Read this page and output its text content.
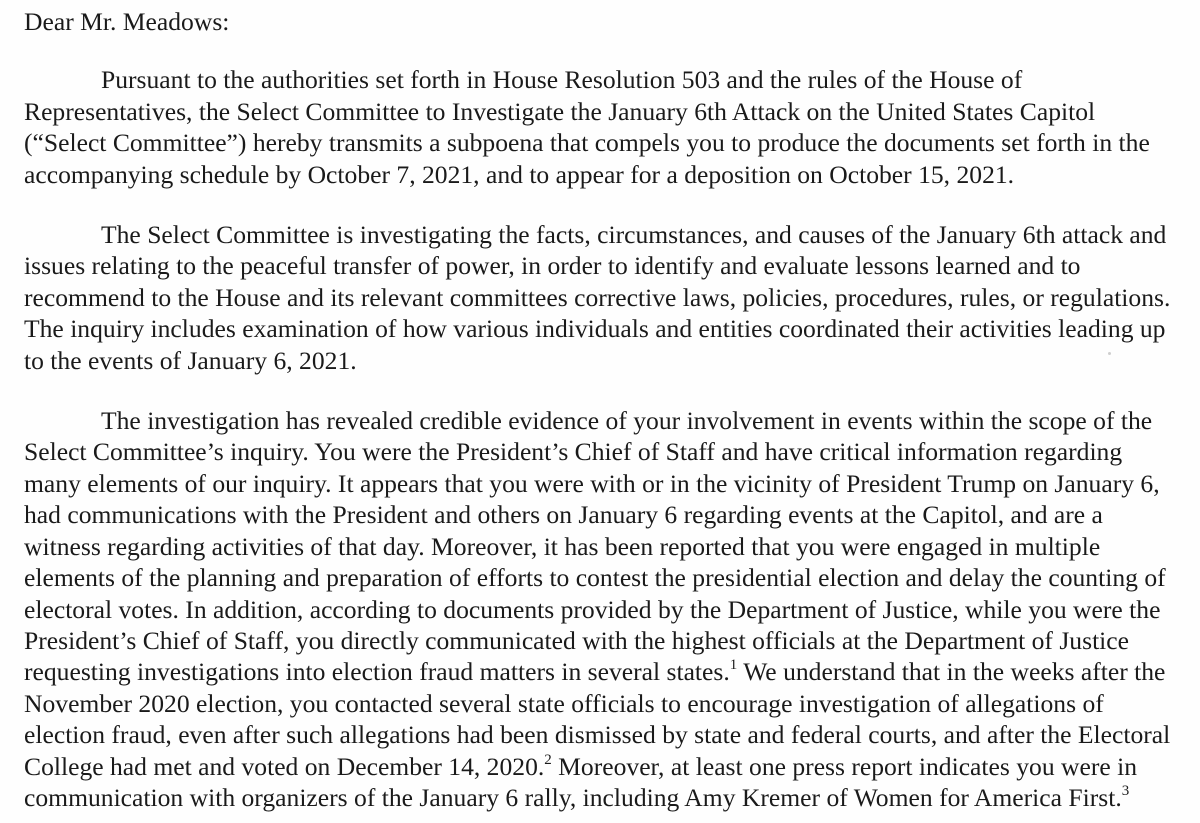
Dear Mr. Meadows:
Pursuant to the authorities set forth in House Resolution 503 and the rules of the House of
Representatives, the Select Committee to Investigate the January 6th Attack on the United States Capitol
(“Select Committee”) hereby transmits a subpoena that compels you to produce the documents set forth in the
accompanying schedule by October 7, 2021, and to appear for a deposition on October 15, 2021.
The Select Committee is investigating the facts, circumstances, and causes of the January 6th attack and
issues relating to the peaceful transfer of power, in order to identify and evaluate lessons learned and to
recommend to the House and its relevant committees corrective laws, policies, procedures, rules, or regulations.
The inquiry includes examination of how various individuals and entities coordinated their activities leading up
to the events of January 6, 2021.
The investigation has revealed credible evidence of your involvement in events within the scope of the
Select Committee’s inquiry. You were the President’s Chief of Staff and have critical information regarding
many elements of our inquiry. It appears that you were with or in the vicinity of President Trump on January 6,
had communications with the President and others on January 6 regarding events at the Capitol, and are a
witness regarding activities of that day. Moreover, it has been reported that you were engaged in multiple
elements of the planning and preparation of efforts to contest the presidential election and delay the counting of
electoral votes. In addition, according to documents provided by the Department of Justice, while you were the
President’s Chief of Staff, you directly communicated with the highest officials at the Department of Justice
requesting investigations into election fraud matters in several states.$^1$ We understand that in the weeks after the
November 2020 election, you contacted several state officials to encourage investigation of allegations of
election fraud, even after such allegations had been dismissed by state and federal courts, and after the Electoral
College had met and voted on December 14, 2020.$^2$ Moreover, at least one press report indicates you were in
communication with organizers of the January 6 rally, including Amy Kremer of Women for America First.$^3$
